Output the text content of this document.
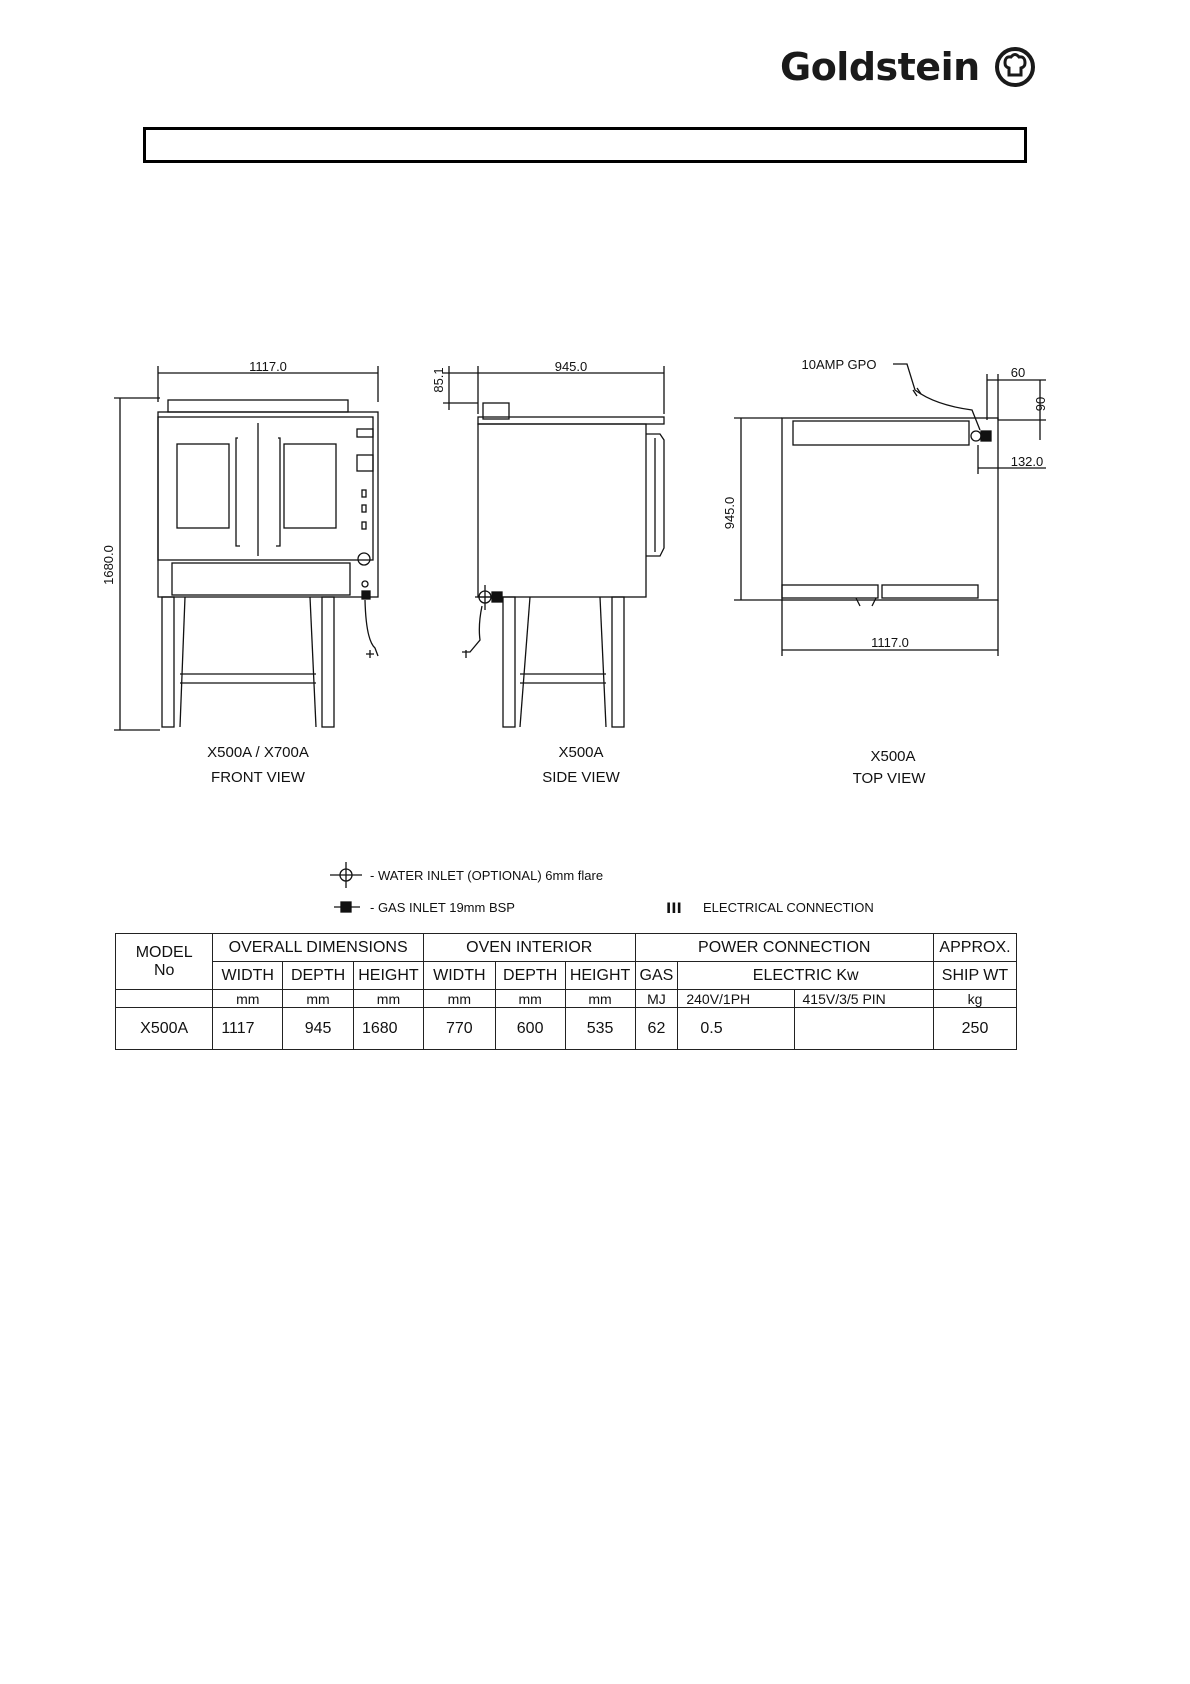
Goldstein
1117.0
1680.0
X500A / X700A
FRONT VIEW
945.0
85.1
X500A
SIDE VIEW
10AMP GPO
60
90
132.0
945.0
1117.0
X500A
TOP VIEW
- WATER INLET (OPTIONAL) 6mm flare
- GAS INLET 19mm BSP	ııı ELECTRICAL CONNECTION
MODEL
No	OVERALL DIMENSIONS			OVEN INTERIOR			POWER CONNECTION			APPROX.
	WIDTH	DEPTH	HEIGHT	WIDTH	DEPTH	HEIGHT	GAS	ELECTRIC Kw		SHIP WT
	mm	mm	mm	mm	mm	mm	MJ	240V/1PH	415V/3/5 PIN	kg
X500A	1117	945	1680	770	600	535	62	0.5		250
